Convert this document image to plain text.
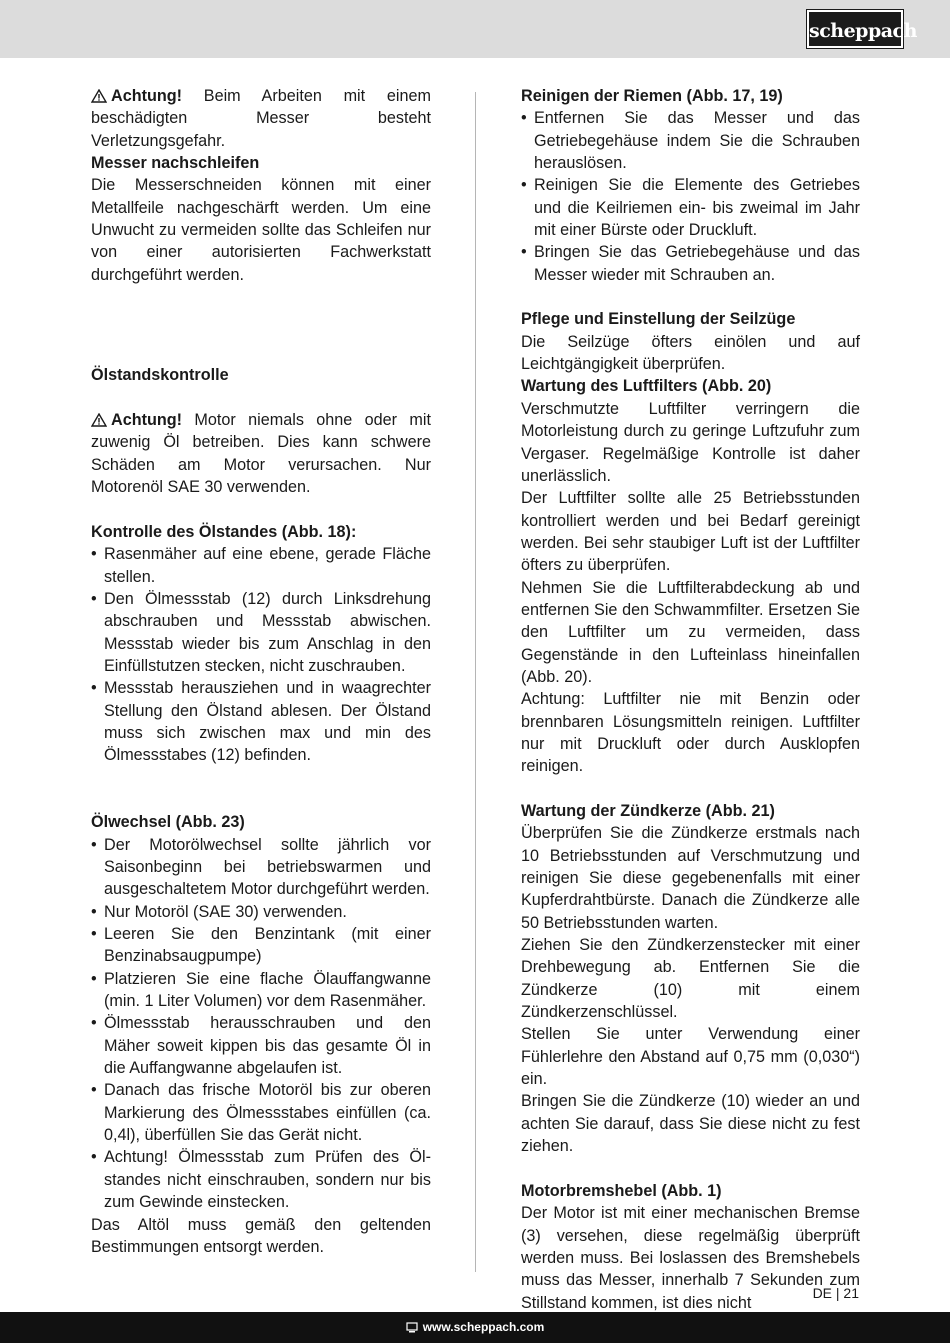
scheppach

Achtung! Beim Arbeiten mit einem beschädigten Messer besteht Verletzungsgefahr.

Messer nachschleifen

Die Messerschneiden können mit einer Metallfeile nachgeschärft werden. Um eine Unwucht zu vermeiden sollte das Schleifen nur von einer autorisierten Fachwerkstatt durchgeführt werden.

Ölstandskontrolle

Achtung! Motor niemals ohne oder mit zuwenig Öl betreiben. Dies kann schwere Schäden am Motor verursachen. Nur Motorenöl SAE 30 verwenden.

Kontrolle des Ölstandes (Abb. 18):
• Rasenmäher auf eine ebene, gerade Fläche stellen.
• Den Ölmessstab (12) durch Linksdrehung abschrauben und Messstab abwischen. Messstab wieder bis zum Anschlag in den Einfüllstutzen stecken, nicht zuschrauben.
• Messstab herausziehen und in waagrechter Stellung den Ölstand ablesen. Der Ölstand muss sich zwischen max und min des Ölmessstabes (12) befinden.
Ölwechsel (Abb. 23)
• Der Motorölwechsel sollte jährlich vor Saisonbeginn bei betriebswarmen und ausgeschaltetem Motor durchgeführt werden.
• Nur Motoröl (SAE 30) verwenden.
• Leeren Sie den Benzintank (mit einer Benzinabsaugpumpe)
• Platzieren Sie eine flache Ölauffangwanne (min. 1 Liter Volumen) vor dem Rasenmäher.
• Ölmessstab herausschrauben und den Mäher soweit kippen bis das gesamte Öl in die Auffangwanne abgelaufen ist.
• Danach das frische Motoröl bis zur oberen Markierung des Ölmessstabes einfüllen (ca. 0,4l), überfüllen Sie das Gerät nicht.
• Achtung! Ölmessstab zum Prüfen des Ölstandes nicht einschrauben, sondern nur bis zum Gewinde einstecken.

Das Altöl muss gemäß den geltenden Bestimmungen entsorgt werden.

Reinigen der Riemen (Abb. 17, 19)
• Entfernen Sie das Messer und das Getriebegehäuse indem Sie die Schrauben herauslösen.
• Reinigen Sie die Elemente des Getriebes und die Keilriemen ein- bis zweimal im Jahr mit einer Bürste oder Druckluft.
• Bringen Sie das Getriebegehäuse und das Messer wieder mit Schrauben an.
Pflege und Einstellung der Seilzüge

Die Seilzüge öfters einölen und auf Leichtgängigkeit überprüfen.

Wartung des Luftfilters (Abb. 20)

Verschmutzte Luftfilter verringern die Motorleistung durch zu geringe Luftzufuhr zum Vergaser. Regelmäßige Kontrolle ist daher unerlässlich.

Der Luftfilter sollte alle 25 Betriebsstunden kontrolliert werden und bei Bedarf gereinigt werden. Bei sehr staubiger Luft ist der Luftfilter öfters zu überprüfen.

Nehmen Sie die Luftfilterabdeckung ab und entfernen Sie den Schwammfilter. Ersetzen Sie den Luftfilter um zu vermeiden, dass Gegenstände in den Lufteinlass hineinfallen (Abb. 20).

Achtung: Luftfilter nie mit Benzin oder brennbaren Lösungsmitteln reinigen. Luftfilter nur mit Druckluft oder durch Ausklopfen reinigen.

Wartung der Zündkerze (Abb. 21)

Überprüfen Sie die Zündkerze erstmals nach 10 Betriebsstunden auf Verschmutzung und reinigen Sie diese gegebenenfalls mit einer Kupferdrahtbürste. Danach die Zündkerze alle 50 Betriebsstunden warten.

Ziehen Sie den Zündkerzenstecker mit einer Drehbewegung ab. Entfernen Sie die Zündkerze (10) mit einem Zündkerzenschlüssel.

Stellen Sie unter Verwendung einer Fühlerlehre den Abstand auf 0,75 mm (0,030“) ein.

Bringen Sie die Zündkerze (10) wieder an und achten Sie darauf, dass Sie diese nicht zu fest ziehen.

Motorbremshebel (Abb. 1)

Der Motor ist mit einer mechanischen Bremse (3) versehen, diese regelmäßig überprüft werden muss. Bei loslassen des Bremshebels muss das Messer, innerhalb 7 Sekunden zum Stillstand kommen, ist dies nicht

DE | 21
www.scheppach.com
